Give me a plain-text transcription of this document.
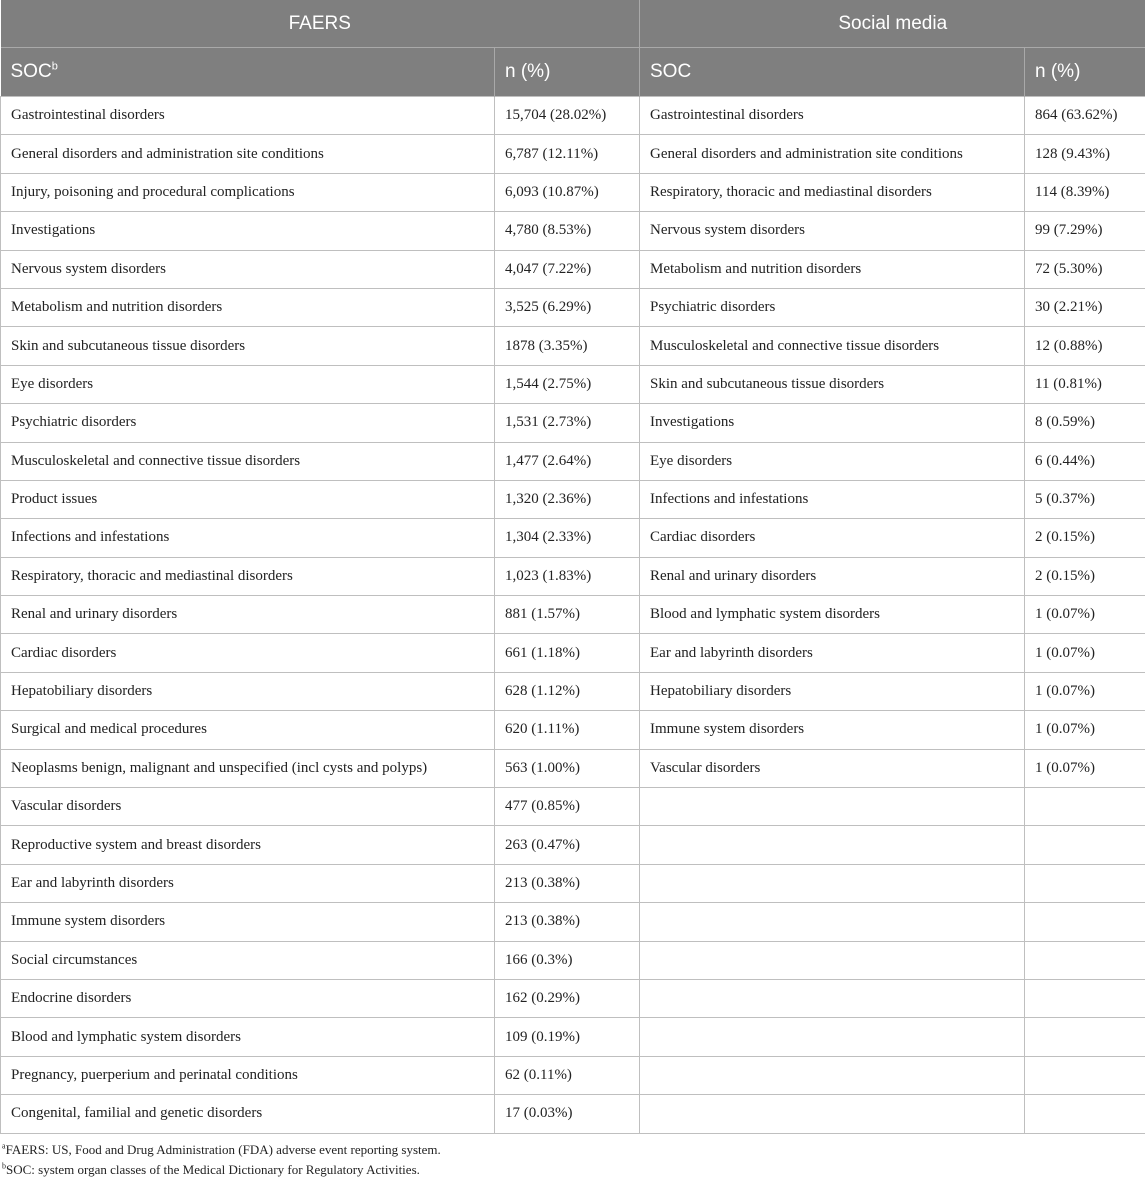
FAERS		Social media	
SOC$^b$	n (%)	SOC	n (%)
Gastrointestinal disorders	15,704 (28.02%)	Gastrointestinal disorders	864 (63.62%)
General disorders and administration site conditions	6,787 (12.11%)	General disorders and administration site conditions	128 (9.43%)
Injury, poisoning and procedural complications	6,093 (10.87%)	Respiratory, thoracic and mediastinal disorders	114 (8.39%)
Investigations	4,780 (8.53%)	Nervous system disorders	99 (7.29%)
Nervous system disorders	4,047 (7.22%)	Metabolism and nutrition disorders	72 (5.30%)
Metabolism and nutrition disorders	3,525 (6.29%)	Psychiatric disorders	30 (2.21%)
Skin and subcutaneous tissue disorders	1878 (3.35%)	Musculoskeletal and connective tissue disorders	12 (0.88%)
Eye disorders	1,544 (2.75%)	Skin and subcutaneous tissue disorders	11 (0.81%)
Psychiatric disorders	1,531 (2.73%)	Investigations	8 (0.59%)
Musculoskeletal and connective tissue disorders	1,477 (2.64%)	Eye disorders	6 (0.44%)
Product issues	1,320 (2.36%)	Infections and infestations	5 (0.37%)
Infections and infestations	1,304 (2.33%)	Cardiac disorders	2 (0.15%)
Respiratory, thoracic and mediastinal disorders	1,023 (1.83%)	Renal and urinary disorders	2 (0.15%)
Renal and urinary disorders	881 (1.57%)	Blood and lymphatic system disorders	1 (0.07%)
Cardiac disorders	661 (1.18%)	Ear and labyrinth disorders	1 (0.07%)
Hepatobiliary disorders	628 (1.12%)	Hepatobiliary disorders	1 (0.07%)
Surgical and medical procedures	620 (1.11%)	Immune system disorders	1 (0.07%)
Neoplasms benign, malignant and unspecified (incl cysts and polyps)	563 (1.00%)	Vascular disorders	1 (0.07%)
Vascular disorders	477 (0.85%)		
Reproductive system and breast disorders	263 (0.47%)		
Ear and labyrinth disorders	213 (0.38%)		
Immune system disorders	213 (0.38%)		
Social circumstances	166 (0.3%)		
Endocrine disorders	162 (0.29%)		
Blood and lymphatic system disorders	109 (0.19%)		
Pregnancy, puerperium and perinatal conditions	62 (0.11%)		
Congenital, familial and genetic disorders	17 (0.03%)		
$^a$FAERS: US, Food and Drug Administration (FDA) adverse event reporting system.
$^b$SOC: system organ classes of the Medical Dictionary for Regulatory Activities.
